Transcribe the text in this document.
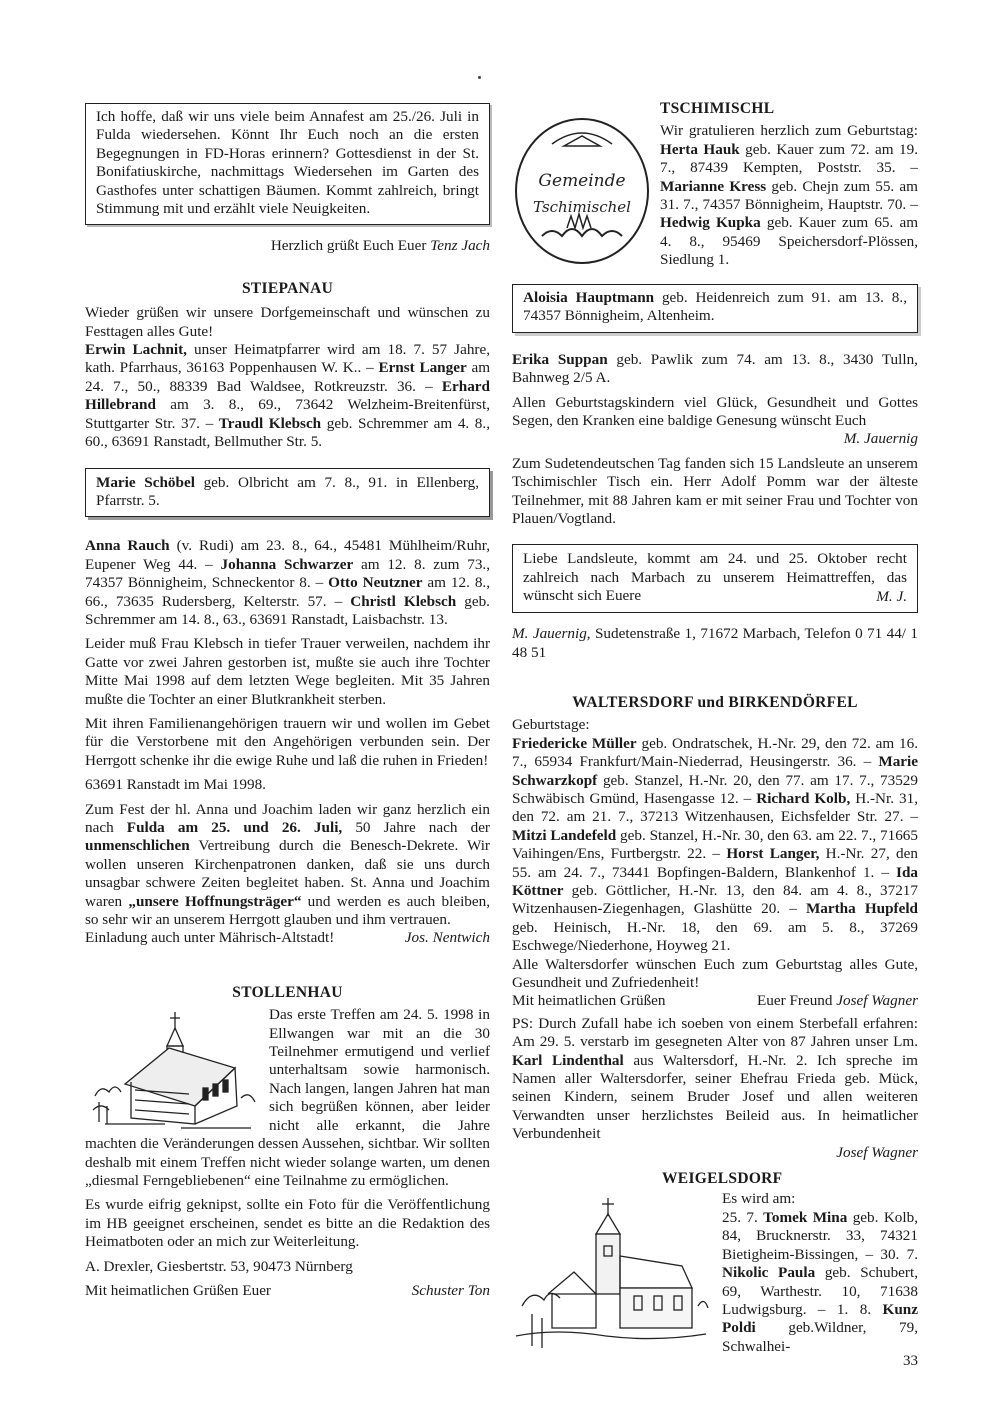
Ich hoffe, daß wir uns viele beim Annafest am 25./26. Juli in Fulda wiedersehen. Könnt Ihr Euch noch an die ersten Begegnungen in FD-Horas erinnern? Gottesdienst in der St. Bonifatiuskirche, nachmittags Wiedersehen im Garten des Gasthofes unter schattigen Bäumen. Kommt zahlreich, bringt Stimmung mit und erzählt viele Neuigkeiten.

Herzlich grüßt Euch Euer Tenz Jach

STIEPANAU

Wieder grüßen wir unsere Dorfgemeinschaft und wünschen zu Festtagen alles Gute!

Erwin Lachnit, unser Heimatpfarrer wird am 18. 7. 57 Jahre, kath. Pfarrhaus, 36163 Poppenhausen W. K.. – Ernst Langer am 24. 7., 50., 88339 Bad Waldsee, Rotkreuzstr. 36. – Erhard Hillebrand am 3. 8., 69., 73642 Welzheim-Breitenfürst, Stuttgarter Str. 37. – Traudl Klebsch geb. Schremmer am 4. 8., 60., 63691 Ranstadt, Bellmuther Str. 5.

Marie Schöbel geb. Olbricht am 7. 8., 91. in Ellenberg, Pfarrstr. 5.

Anna Rauch (v. Rudi) am 23. 8., 64., 45481 Mühlheim/Ruhr, Eupener Weg 44. – Johanna Schwarzer am 12. 8. zum 73., 74357 Bönnigheim, Schneckentor 8. – Otto Neutzner am 12. 8., 66., 73635 Rudersberg, Kelterstr. 57. – Christl Klebsch geb. Schremmer am 14. 8., 63., 63691 Ranstadt, Laisbachstr. 13.

Leider muß Frau Klebsch in tiefer Trauer verweilen, nachdem ihr Gatte vor zwei Jahren gestorben ist, mußte sie auch ihre Tochter Mitte Mai 1998 auf dem letzten Wege begleiten. Mit 35 Jahren mußte die Tochter an einer Blutkrankheit sterben.

Mit ihren Familienangehörigen trauern wir und wollen im Gebet für die Verstorbene mit den Angehörigen verbunden sein. Der Herrgott schenke ihr die ewige Ruhe und laß die ruhen in Frieden!

63691 Ranstadt im Mai 1998.

Zum Fest der hl. Anna und Joachim laden wir ganz herzlich ein nach Fulda am 25. und 26. Juli, 50 Jahre nach der unmenschlichen Vertreibung durch die Benesch-Dekrete. Wir wollen unseren Kirchenpatronen danken, daß sie uns durch unsagbar schwere Zeiten begleitet haben. St. Anna und Joachim waren „unsere Hoffnungsträger“ und werden es auch bleiben, so sehr wir an unserem Herrgott glauben und ihm vertrauen.

Einladung auch unter Mährisch-Altstadt!	Jos. Nentwich
STOLLENHAU

Das erste Treffen am 24. 5. 1998 in Ellwangen war mit an die 30 Teilnehmer ermutigend und verlief unterhaltsam sowie harmonisch. Nach langen, langen Jahren hat man sich begrüßen können, aber leider nicht alle erkannt, die Jahre machten die Veränderungen dessen Aussehen, sichtbar. Wir sollten deshalb mit einem Treffen nicht wieder solange warten, um denen „diesmal Ferngebliebenen“ eine Teilnahme zu ermöglichen.

Es wurde eifrig geknipst, sollte ein Foto für die Veröffentlichung im HB geeignet erscheinen, sendet es bitte an die Redaktion des Heimatboten oder an mich zur Weiterleitung.

A. Drexler, Giesbertstr. 53, 90473 Nürnberg

Mit heimatlichen Grüßen Euer	Schuster Ton
Gemeinde
Tschimischel
TSCHIMISCHL

Wir gratulieren herzlich zum Geburtstag: Herta Hauk geb. Kauer zum 72. am 19. 7., 87439 Kempten, Poststr. 35. – Marianne Kress geb. Chejn zum 55. am 31. 7., 74357 Bönnigheim, Hauptstr. 70. – Hedwig Kupka geb. Kauer zum 65. am 4. 8., 95469 Speichersdorf-Plössen, Siedlung 1.

Aloisia Hauptmann geb. Heidenreich zum 91. am 13. 8., 74357 Bönnigheim, Altenheim.

Erika Suppan geb. Pawlik zum 74. am 13. 8., 3430 Tulln, Bahnweg 2/5 A.

Allen Geburtstagskindern viel Glück, Gesundheit und Gottes Segen, den Kranken eine baldige Genesung wünscht Euch

M. Jauernig

Zum Sudetendeutschen Tag fanden sich 15 Landsleute an unserem Tschimischler Tisch ein. Herr Adolf Pomm war der älteste Teilnehmer, mit 88 Jahren kam er mit seiner Frau und Tochter von Plauen/Vogtland.

Liebe Landsleute, kommt am 24. und 25. Oktober recht zahlreich nach Marbach zu unserem Heimattreffen, das wünscht sich Euere	M. J.

M. Jauernig, Sudetenstraße 1, 71672 Marbach, Telefon 0 71 44/ 1 48 51

WALTERSDORF und BIRKENDÖRFEL

Geburtstage:

Friedericke Müller geb. Ondratschek, H.-Nr. 29, den 72. am 16. 7., 65934 Frankfurt/Main-Niederrad, Heusingerstr. 36. – Marie Schwarzkopf geb. Stanzel, H.-Nr. 20, den 77. am 17. 7., 73529 Schwäbisch Gmünd, Hasengasse 12. – Richard Kolb, H.-Nr. 31, den 72. am 21. 7., 37213 Witzenhausen, Eichsfelder Str. 27. – Mitzi Landefeld geb. Stanzel, H.-Nr. 30, den 63. am 22. 7., 71665 Vaihingen/Ens, Furtbergstr. 22. – Horst Langer, H.-Nr. 27, den 55. am 24. 7., 73441 Bopfingen-Baldern, Blankenhof 1. – Ida Köttner geb. Göttlicher, H.-Nr. 13, den 84. am 4. 8., 37217 Witzenhausen-Ziegenhagen, Glashütte 20. – Martha Hupfeld geb. Heinisch, H.-Nr. 18, den 69. am 5. 8., 37269 Eschwege/Niederhone, Hoyweg 21.

Alle Waltersdorfer wünschen Euch zum Geburtstag alles Gute, Gesundheit und Zufriedenheit!

Mit heimatlichen Grüßen	Euer Freund Josef Wagner

PS: Durch Zufall habe ich soeben von einem Sterbefall erfahren: Am 29. 5. verstarb im gesegneten Alter von 87 Jahren unser Lm. Karl Lindenthal aus Waltersdorf, H.-Nr. 2. Ich spreche im Namen aller Waltersdorfer, seiner Ehefrau Frieda geb. Mück, seinen Kindern, seinem Bruder Josef und allen weiteren Verwandten unser herzlichstes Beileid aus. In heimatlicher Verbundenheit

Josef Wagner

WEIGELSDORF

Es wird am:

25. 7. Tomek Mina geb. Kolb, 84, Brucknerstr. 33, 74321 Bietigheim-Bissingen, – 30. 7. Nikolic Paula geb. Schubert, 69, Warthestr. 10, 71638 Ludwigsburg. – 1. 8. Kunz Poldi geb.Wildner, 79, Schwalhei-

33
